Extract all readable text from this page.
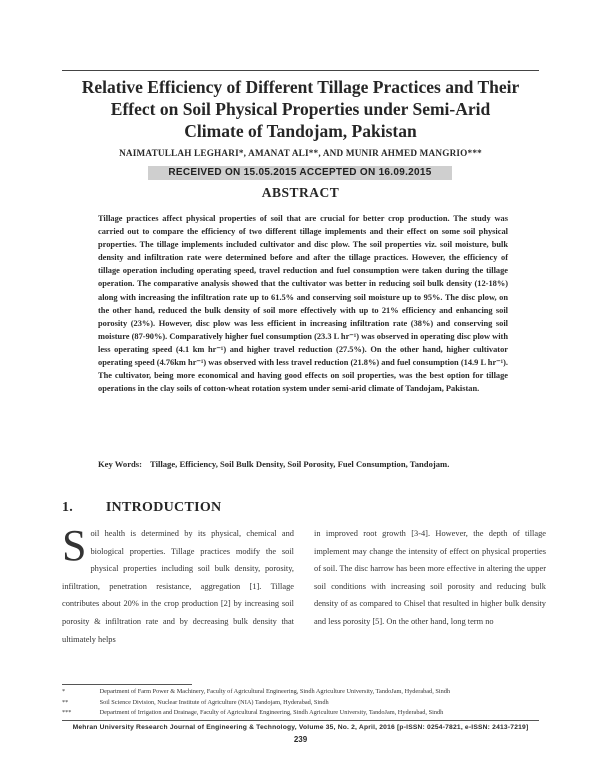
Relative Efficiency of Different Tillage Practices and Their
Effect on Soil Physical Properties under Semi-Arid
Climate of Tandojam, Pakistan
NAIMATULLAH LEGHARI*, AMANAT ALI**, AND MUNIR AHMED MANGRIO***
RECEIVED ON 15.05.2015 ACCEPTED ON 16.09.2015
ABSTRACT
Tillage practices affect physical properties of soil that are crucial for better crop production. The study was carried out to compare the efficiency of two different tillage implements and their effect on some soil physical properties. The tillage implements included cultivator and disc plow. The soil properties viz. soil moisture, bulk density and infiltration rate were determined before and after the tillage practices. However, the efficiency of tillage operation including operating speed, travel reduction and fuel consumption were taken during the tillage operation. The comparative analysis showed that the cultivator was better in reducing soil bulk density (12-18%) along with increasing the infiltration rate up to 61.5% and conserving soil moisture up to 95%. The disc plow, on the other hand, reduced the bulk density of soil more effectively with up to 21% efficiency and enhancing soil porosity (23%). However, disc plow was less efficient in increasing infiltration rate (38%) and conserving soil moisture (87-90%). Comparatively higher fuel consumption (23.3 L hr⁻¹) was observed in operating disc plow with less operating speed (4.1 km hr⁻¹) and higher travel reduction (27.5%). On the other hand, higher cultivator operating speed (4.76km hr⁻¹) was observed with less travel reduction (21.8%) and fuel consumption (14.9 L hr⁻¹). The cultivator, being more economical and having good effects on soil properties, was the best option for tillage operations in the clay soils of cotton-wheat rotation system under semi-arid climate of Tandojam, Pakistan.
Key Words: Tillage, Efficiency, Soil Bulk Density, Soil Porosity, Fuel Consumption, Tandojam.
1. INTRODUCTION
S oil health is determined by its physical, chemical and biological properties. Tillage practices modify the soil physical properties including soil bulk density, porosity, infiltration, penetration resistance, aggregation [1]. Tillage contributes about 20% in the crop production [2] by increasing soil porosity & infiltration rate and by decreasing bulk density that ultimately helps
in improved root growth [3-4]. However, the depth of tillage implement may change the intensity of effect on physical properties of soil. The disc harrow has been more effective in altering the upper soil conditions with increasing soil porosity and reducing bulk density of as compared to Chisel that resulted in higher bulk density and less porosity [5]. On the other hand, long term no
*	Department of Farm Power & Machinery, Faculty of Agricultural Engineering, Sindh Agriculture University, TandoJam, Hyderabad, Sindh
**	Soil Science Division, Nuclear Institute of Agriculture (NIA) Tandojam, Hyderabad, Sindh
***	Department of Irrigation and Drainage, Faculty of Agricultural Engineering, Sindh Agriculture University, TandoJam, Hyderabad, Sindh
Mehran University Research Journal of Engineering & Technology, Volume 35, No. 2, April, 2016 [p-ISSN: 0254-7821, e-ISSN: 2413-7219]
239
